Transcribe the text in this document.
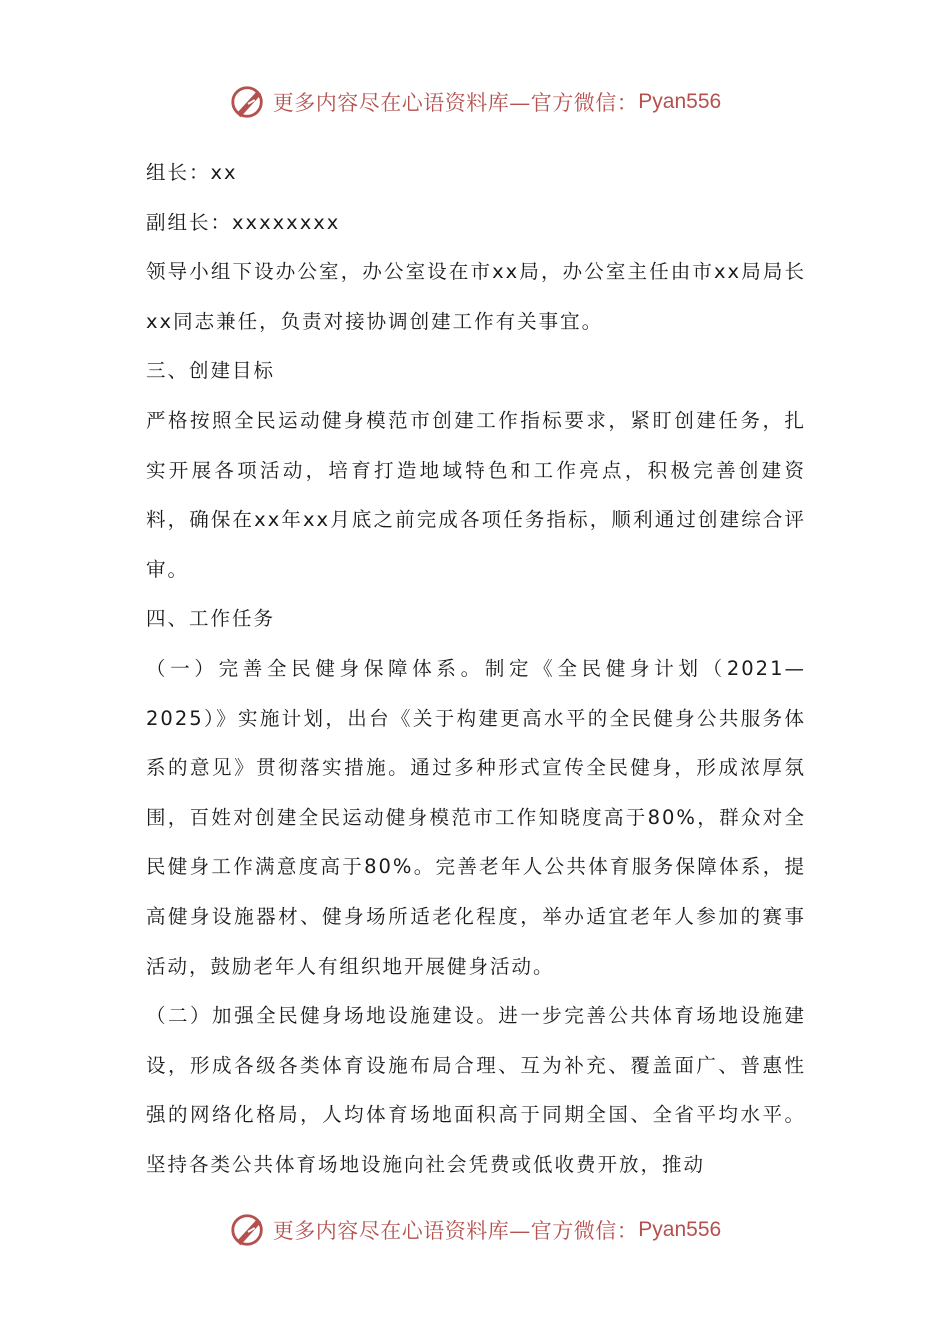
更多内容尽在心语资料库—官方微信： Pyan556

组长：xx

副组长：xxxxxxxx

领导小组下设办公室，办公室设在市xx局，办公室主任由市xx局局长xx同志兼任，负责对接协调创建工作有关事宜。

三、创建目标

严格按照全民运动健身模范市创建工作指标要求，紧盯创建任务，扎实开展各项活动，培育打造地域特色和工作亮点，积极完善创建资料，确保在xx年xx月底之前完成各项任务指标，顺利通过创建综合评审。

四、工作任务

（一）完善全民健身保障体系。制定《全民健身计划（2021—2025）》实施计划，出台《关于构建更高水平的全民健身公共服务体系的意见》贯彻落实措施。通过多种形式宣传全民健身，形成浓厚氛围，百姓对创建全民运动健身模范市工作知晓度高于80%，群众对全民健身工作满意度高于80%。完善老年人公共体育服务保障体系，提高健身设施器材、健身场所适老化程度，举办适宜老年人参加的赛事活动，鼓励老年人有组织地开展健身活动。

（二）加强全民健身场地设施建设。进一步完善公共体育场地设施建设，形成各级各类体育设施布局合理、互为补充、覆盖面广、普惠性强的网络化格局，人均体育场地面积高于同期全国、全省平均水平。坚持各类公共体育场地设施向社会凭费或低收费开放，推动

更多内容尽在心语资料库—官方微信： Pyan556
